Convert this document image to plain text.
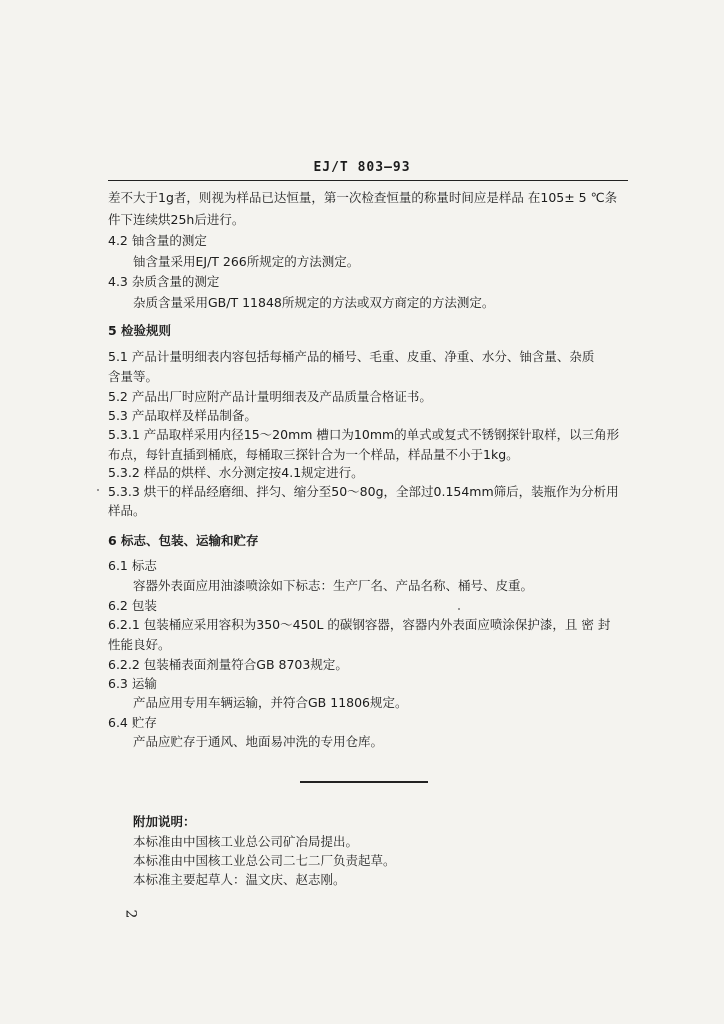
EJ/T 803—93
差不大于1g者，则视为样品已达恒量，第一次检查恒量的称量时间应是样品 在105± 5 ℃条
件下连续烘25h后进行。
4.2 铀含量的测定
铀含量采用EJ/T 266所规定的方法测定。
4.3 杂质含量的测定
杂质含量采用GB/T 11848所规定的方法或双方商定的方法测定。
5 检验规则
5.1 产品计量明细表内容包括每桶产品的桶号、毛重、皮重、净重、水分、铀含量、杂质
含量等。
5.2 产品出厂时应附产品计量明细表及产品质量合格证书。
5.3 产品取样及样品制备。
5.3.1 产品取样采用内径15～20mm 槽口为10mm的单式或复式不锈钢探针取样，以三角形
布点，每针直插到桶底，每桶取三探针合为一个样品，样品量不小于1kg。
5.3.2 样品的烘样、水分测定按4.1规定进行。
5.3.3 烘干的样品经磨细、拌匀、缩分至50～80g，全部过0.154mm筛后，装瓶作为分析用
样品。
6 标志、包装、运输和贮存
6.1 标志
容器外表面应用油漆喷涂如下标志：生产厂名、产品名称、桶号、皮重。
6.2 包装
6.2.1 包装桶应采用容积为350～450L 的碳钢容器，容器内外表面应喷涂保护漆，且 密 封
性能良好。
6.2.2 包装桶表面剂量符合GB 8703规定。
6.3 运输
产品应用专用车辆运输，并符合GB 11806规定。
6.4 贮存
产品应贮存于通风、地面易冲洗的专用仓库。
附加说明：
本标准由中国核工业总公司矿冶局提出。
本标准由中国核工业总公司二七二厂负责起草。
本标准主要起草人：温文庆、赵志刚。
2
